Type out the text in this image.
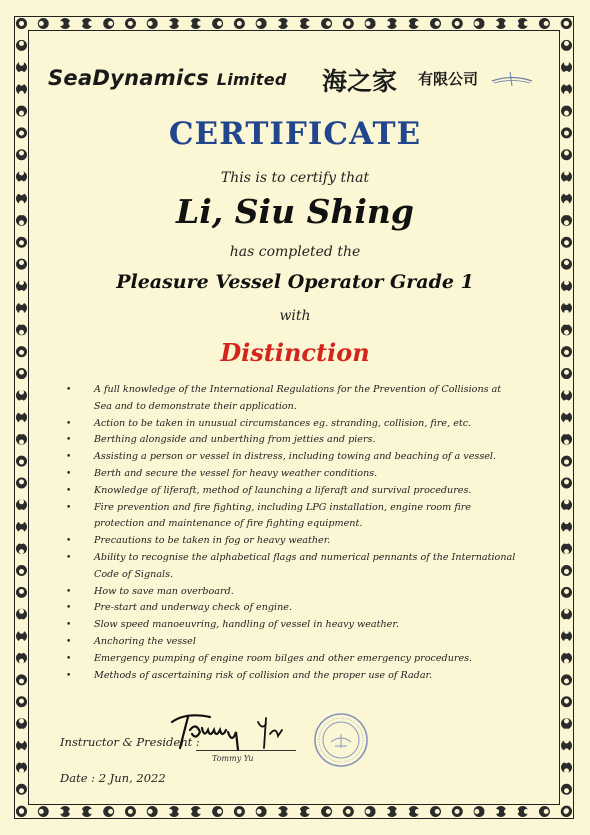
SeaDynamics Limited 海之家 有限公司
CERTIFICATE
This is to certify that
Li, Siu Shing
has completed the
Pleasure Vessel Operator Grade 1
with
Distinction
• A full knowledge of the International Regulations for the Prevention of Collisions at Sea and to demonstrate their application.
• Action to be taken in unusual circumstances eg. stranding, collision, fire, etc.
• Berthing alongside and unberthing from jetties and piers.
• Assisting a person or vessel in distress, including towing and beaching of a vessel.
• Berth and secure the vessel for heavy weather conditions.
• Knowledge of liferaft, method of launching a liferaft and survival procedures.
• Fire prevention and fire fighting, including LPG installation, engine room fire protection and maintenance of fire fighting equipment.
• Precautions to be taken in fog or heavy weather.
• Ability to recognise the alphabetical flags and numerical pennants of the International Code of Signals.
• How to save man overboard.
• Pre-start and underway check of engine.
• Slow speed manoeuvring, handling of vessel in heavy weather.
• Anchoring the vessel
• Emergency pumping of engine room bilges and other emergency procedures.
• Methods of ascertaining risk of collision and the proper use of Radar.
Instructor & President :
Tommy Yu
Date : 2 Jun, 2022
